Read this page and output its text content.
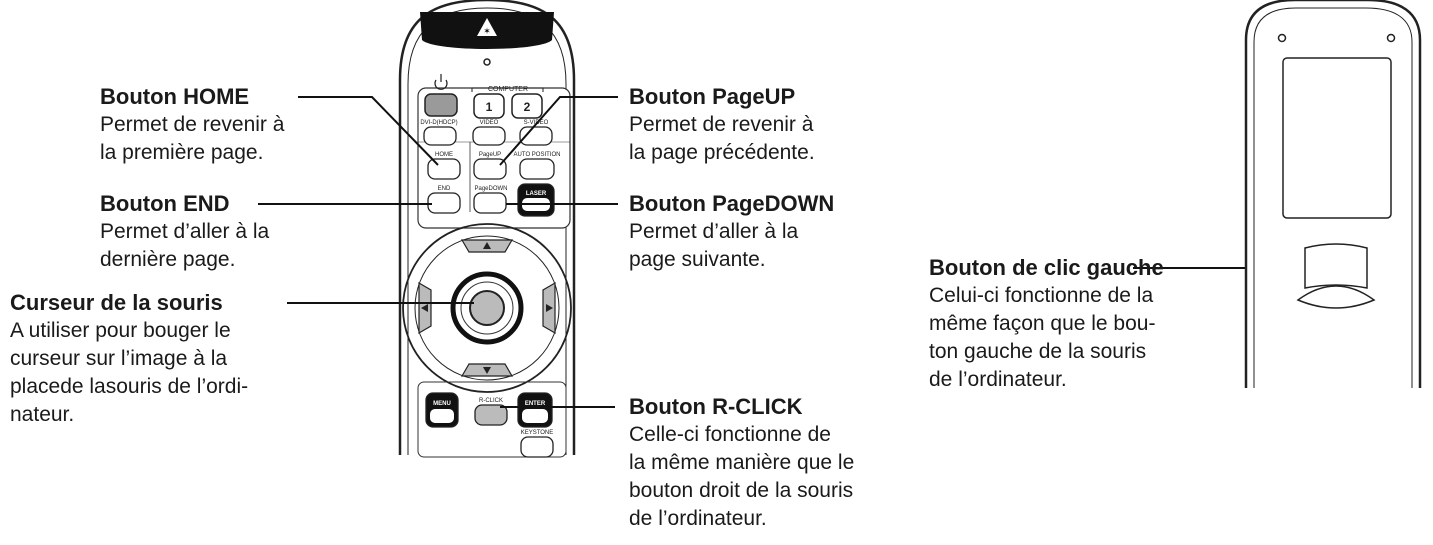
✶
COMPUTER
1	2
DVI-D(HDCP)	VIDEO	S-VIDEO
HOME	PageUP AUTO POSITION
END	PageDOWN
LASER
MENU	R-CLICK	ENTER
KEYSTONE
Bouton HOME
Permet de revenir à
la première page.
Bouton END
Permet d’aller à la
dernière page.
Curseur de la souris
A utiliser pour bouger le
curseur sur l’image à la
placede lasouris de l’ordi-
nateur.
Bouton PageUP
Permet de revenir à
la page précédente.
Bouton PageDOWN
Permet d’aller à la
page suivante.
Bouton R-CLICK
Celle-ci fonctionne de
la même manière que le
bouton droit de la souris
de l’ordinateur.
Bouton de clic gauche
Celui-ci fonctionne de la
même façon que le bou-
ton gauche de la souris
de l’ordinateur.
